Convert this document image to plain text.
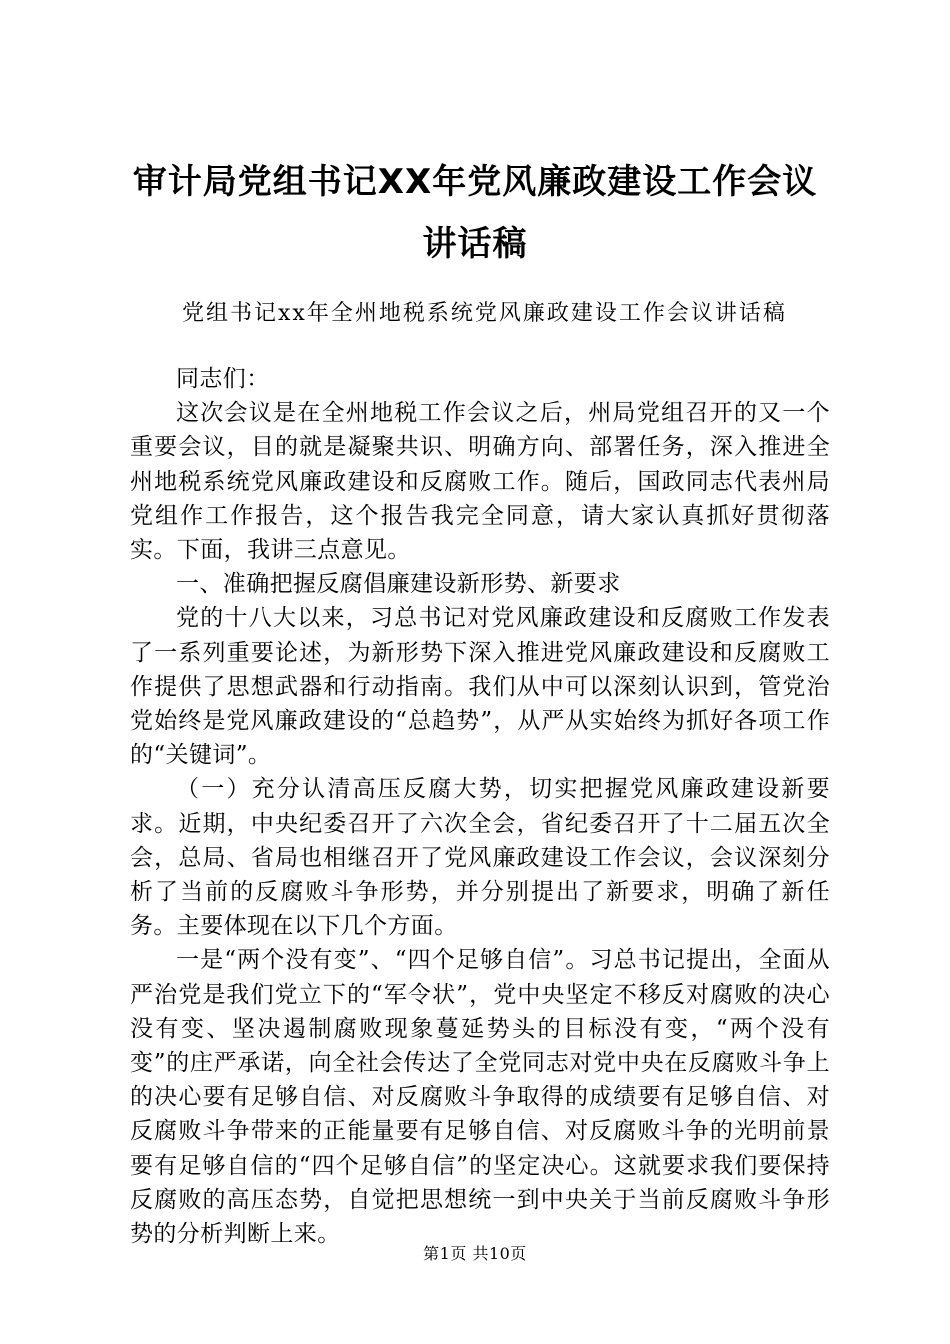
审计局党组书记XX年党风廉政建设工作会议
讲话稿
党组书记xx年全州地税系统党风廉政建设工作会议讲话稿

同志们：

这次会议是在全州地税工作会议之后，州局党组召开的又一个重要会议，目的就是凝聚共识、明确方向、部署任务，深入推进全州地税系统党风廉政建设和反腐败工作。随后，国政同志代表州局党组作工作报告，这个报告我完全同意，请大家认真抓好贯彻落实。下面，我讲三点意见。

一、准确把握反腐倡廉建设新形势、新要求

党的十八大以来，习总书记对党风廉政建设和反腐败工作发表了一系列重要论述，为新形势下深入推进党风廉政建设和反腐败工作提供了思想武器和行动指南。我们从中可以深刻认识到，管党治党始终是党风廉政建设的“总趋势”，从严从实始终为抓好各项工作的“关键词”。

（一）充分认清高压反腐大势，切实把握党风廉政建设新要求。近期，中央纪委召开了六次全会，省纪委召开了十二届五次全会，总局、省局也相继召开了党风廉政建设工作会议，会议深刻分析了当前的反腐败斗争形势，并分别提出了新要求，明确了新任务。主要体现在以下几个方面。

一是“两个没有变”、“四个足够自信”。习总书记提出，全面从严治党是我们党立下的“军令状”，党中央坚定不移反对腐败的决心没有变、坚决遏制腐败现象蔓延势头的目标没有变，“两个没有变”的庄严承诺，向全社会传达了全党同志对党中央在反腐败斗争上的决心要有足够自信、对反腐败斗争取得的成绩要有足够自信、对反腐败斗争带来的正能量要有足够自信、对反腐败斗争的光明前景要有足够自信的“四个足够自信”的坚定决心。这就要求我们要保持反腐败的高压态势，自觉把思想统一到中央关于当前反腐败斗争形势的分析判断上来。

第1页 共10页
